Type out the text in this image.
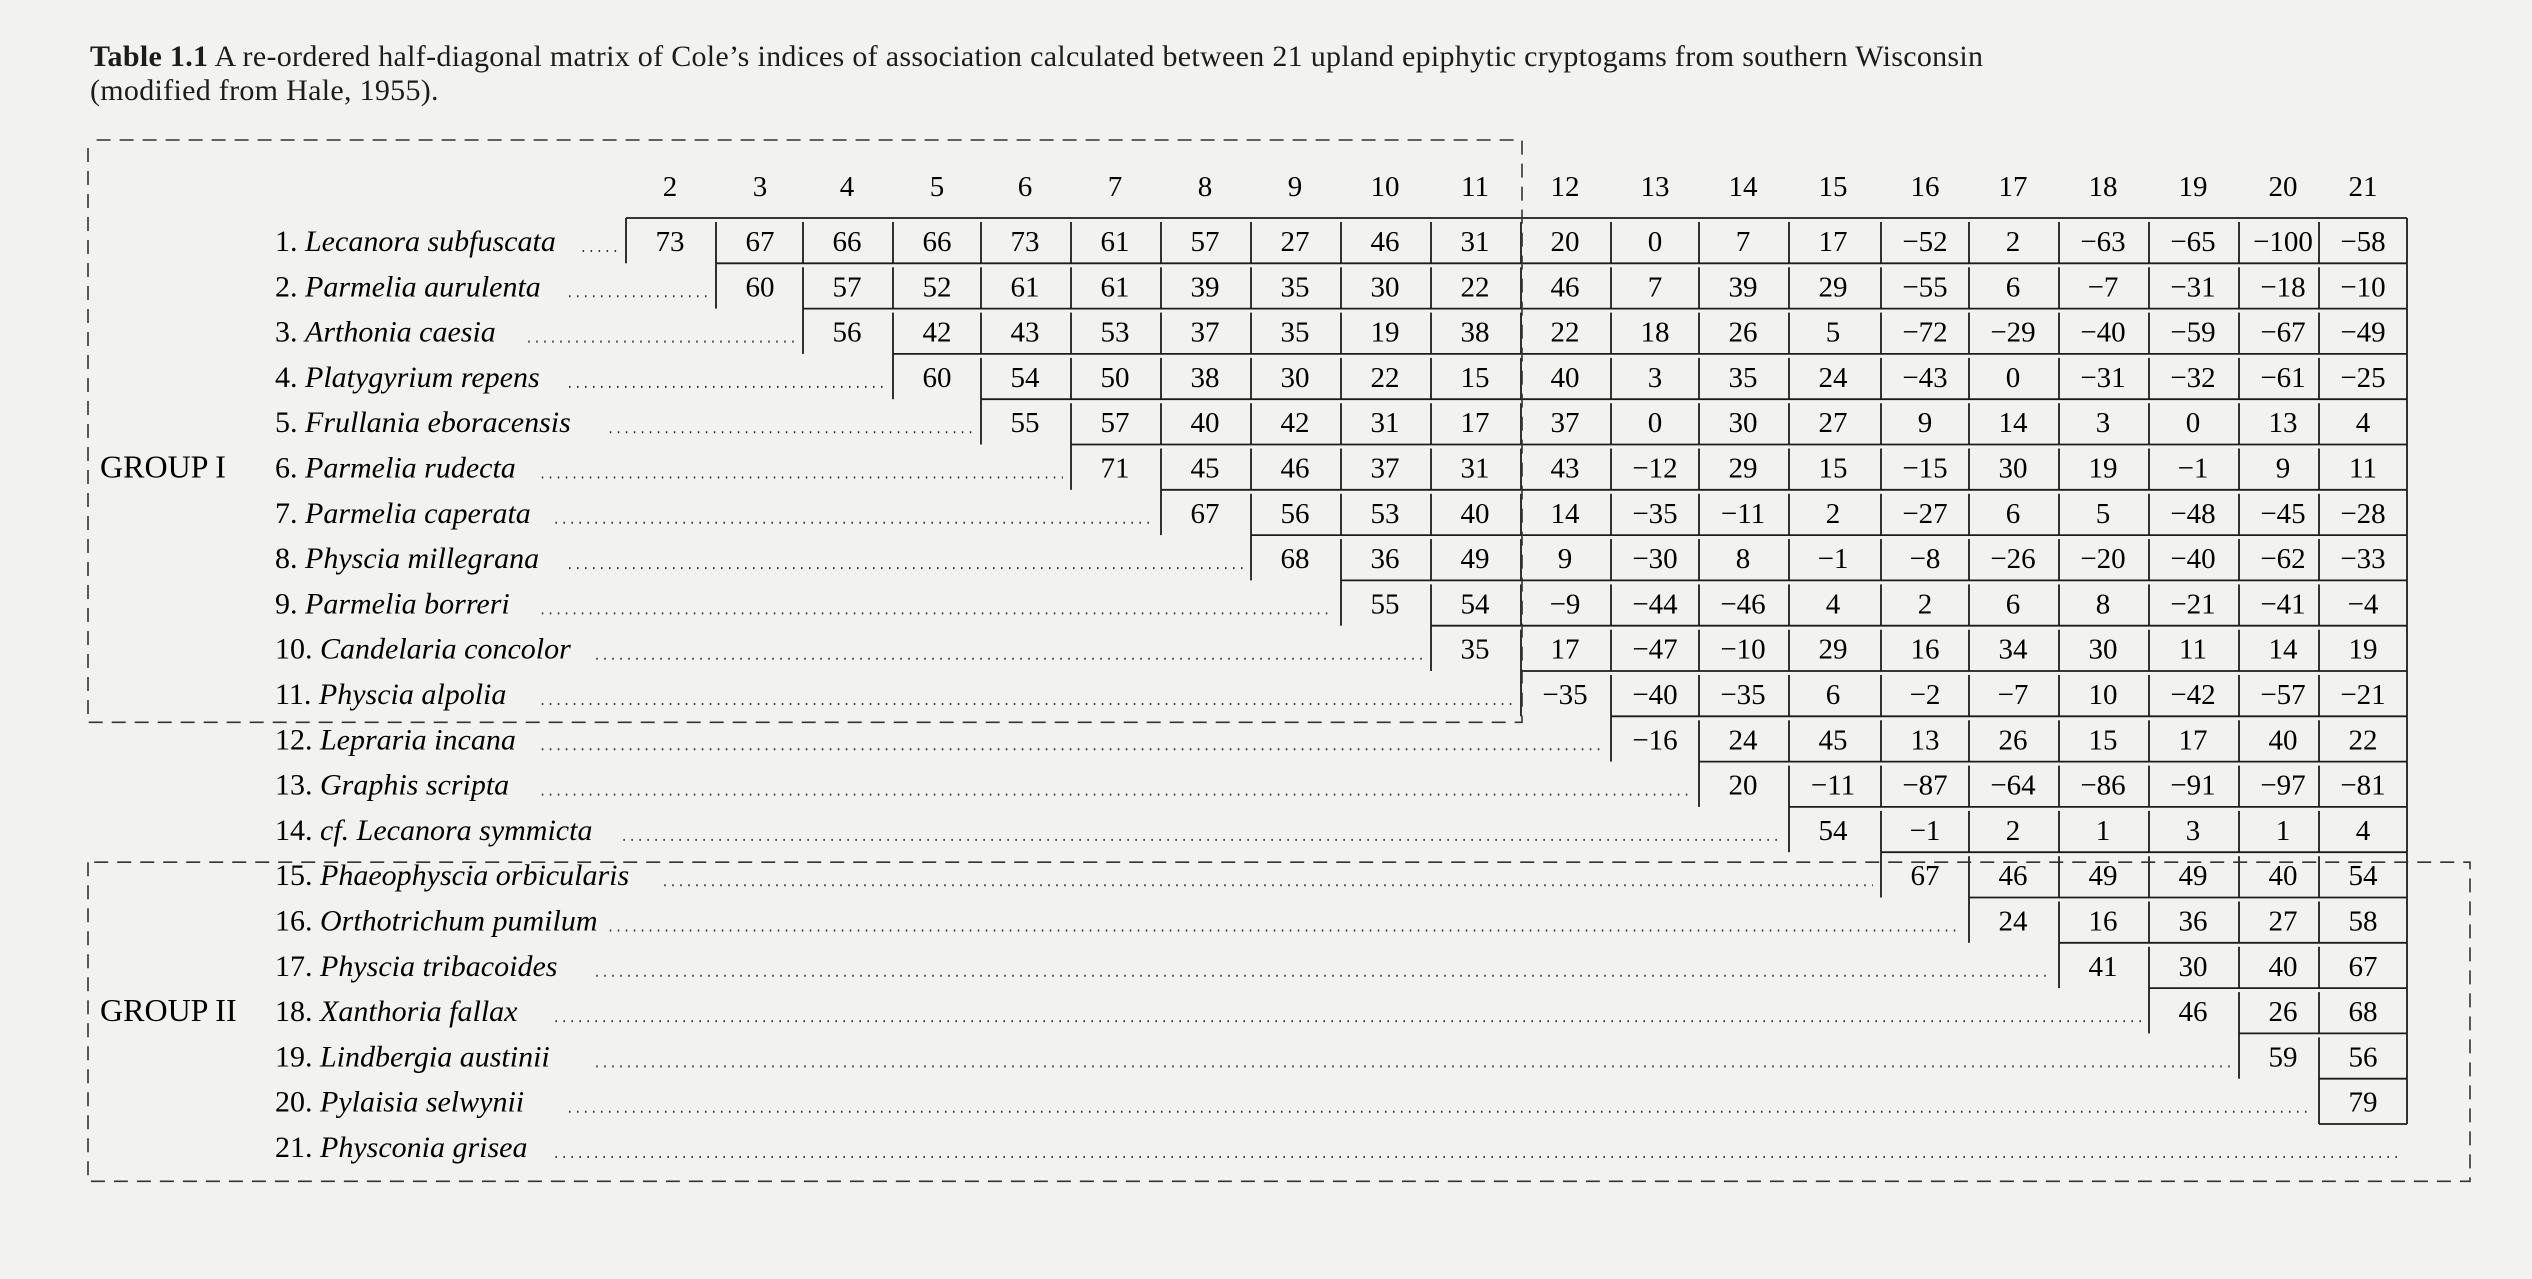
Table 1.1 A re-ordered half-diagonal matrix of Cole’s indices of association calculated between 21 upland epiphytic cryptogams from southern Wisconsin (modified from Hale, 1955).
2	3	4	5	6	7	8	9 10 11 12 13 14 15 16 17 18 19 20 21
1. Lecanora subfuscata	73 67 66 66 73 61 57 27 46 31 20 0	7 17 −52 2 −63 −65 −100 −58
2. Parmelia aurulenta	60 57 52 61 61 39 35 30 22 46 7 39 29 −55 6 −7 −31 −18 −10
3. Arthonia caesia	56 42 43 53 37 35 19 38 22 18 26 5 −72 −29 −40 −59 −67 −49
4. Platygyrium repens	60 54 50 38 30 22 15 40 3 35 24 −43 0 −31 −32 −61 −25
5. Frullania eboracensis	55 57 40 42 31 17 37 0 30 27 9 14 3	0 13 4
6. Parmelia rudecta	71 45 46 37 31 43 −12 29 15 −15 30 19 −1 9 11
7. Parmelia caperata	67 56 53 40 14 −35 −11 2 −27 6	5 −48 −45 −28
8. Physcia millegrana	68 36 49 9 −30 8 −1 −8 −26 −20 −40 −62 −33
9. Parmelia borreri	55 54 −9 −44 −46 4	2	6	8 −21 −41 −4
10. Candelaria concolor	35 17 −47 −10 29 16 34 30 11 14 19
11. Physcia alpolia	−35 −40 −35 6 −2 −7 10 −42 −57 −21
12. Lepraria incana	−16 24 45 13 26 15 17 40 22
13. Graphis scripta	20 −11 −87 −64 −86 −91 −97 −81
14. cf. Lecanora symmicta	54 −1 2	1	3	1 4
15. Phaeophyscia orbicularis	67 46 49 49 40 54
16. Orthotrichum pumilum	24 16 36 27 58
17. Physcia tribacoides	41 30 40 67
18. Xanthoria fallax	46 26 68
19. Lindbergia austinii	59 56
20. Pylaisia selwynii	79
21. Physconia grisea
GROUP I
GROUP II
